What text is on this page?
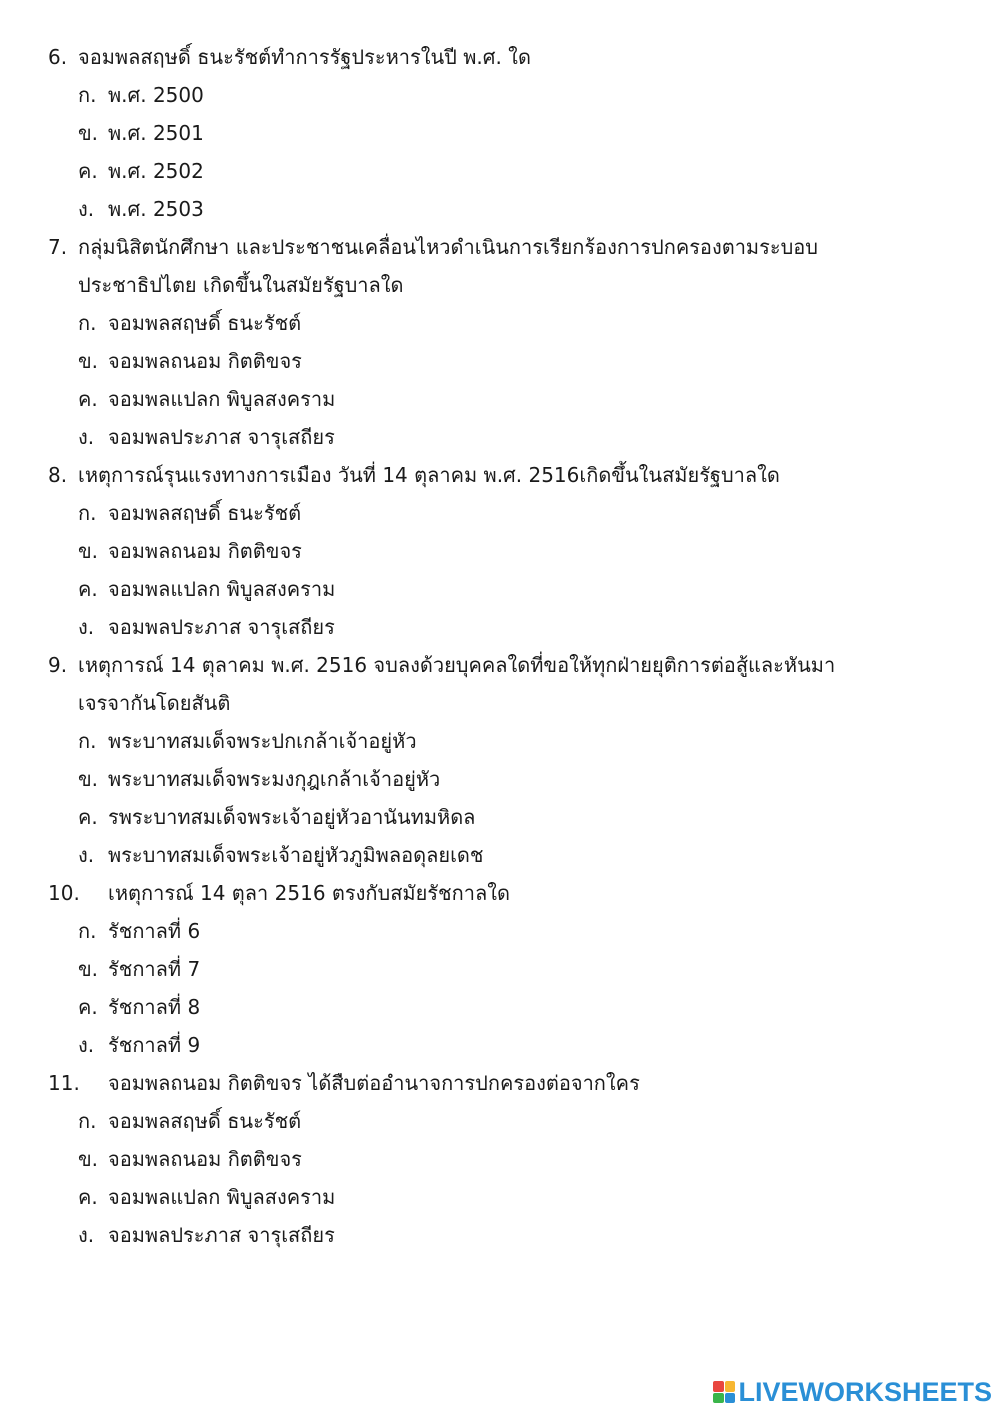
6. จอมพลสฤษดิ์ ธนะรัชต์ทำการรัฐประหารในปี พ.ศ. ใด
ก. พ.ศ. 2500
ข. พ.ศ. 2501
ค. พ.ศ. 2502
ง. พ.ศ. 2503
7. กลุ่มนิสิตนักศึกษา และประชาชนเคลื่อนไหวดำเนินการเรียกร้องการปกครองตามระบอบ
ประชาธิปไตย เกิดขึ้นในสมัยรัฐบาลใด
ก. จอมพลสฤษดิ์ ธนะรัชต์
ข. จอมพลถนอม กิตติขจร
ค. จอมพลแปลก พิบูลสงคราม
ง. จอมพลประภาส จารุเสถียร
8. เหตุการณ์รุนแรงทางการเมือง วันที่ 14 ตุลาคม พ.ศ. 2516เกิดขึ้นในสมัยรัฐบาลใด
ก. จอมพลสฤษดิ์ ธนะรัชต์
ข. จอมพลถนอม กิตติขจร
ค. จอมพลแปลก พิบูลสงคราม
ง. จอมพลประภาส จารุเสถียร
9. เหตุการณ์ 14 ตุลาคม พ.ศ. 2516 จบลงด้วยบุคคลใดที่ขอให้ทุกฝ่ายยุติการต่อสู้และหันมา
เจรจากันโดยสันติ
ก. พระบาทสมเด็จพระปกเกล้าเจ้าอยู่หัว
ข. พระบาทสมเด็จพระมงกุฎเกล้าเจ้าอยู่หัว
ค. รพระบาทสมเด็จพระเจ้าอยู่หัวอานันทมหิดล
ง. พระบาทสมเด็จพระเจ้าอยู่หัวภูมิพลอดุลยเดช
10. เหตุการณ์ 14 ตุลา 2516 ตรงกับสมัยรัชกาลใด
ก. รัชกาลที่ 6
ข. รัชกาลที่ 7
ค. รัชกาลที่ 8
ง. รัชกาลที่ 9
11. จอมพลถนอม กิตติขจร ได้สืบต่ออำนาจการปกครองต่อจากใคร
ก. จอมพลสฤษดิ์ ธนะรัชต์
ข. จอมพลถนอม กิตติขจร
ค. จอมพลแปลก พิบูลสงคราม
ง. จอมพลประภาส จารุเสถียร
LIVEWORKSHEETS
